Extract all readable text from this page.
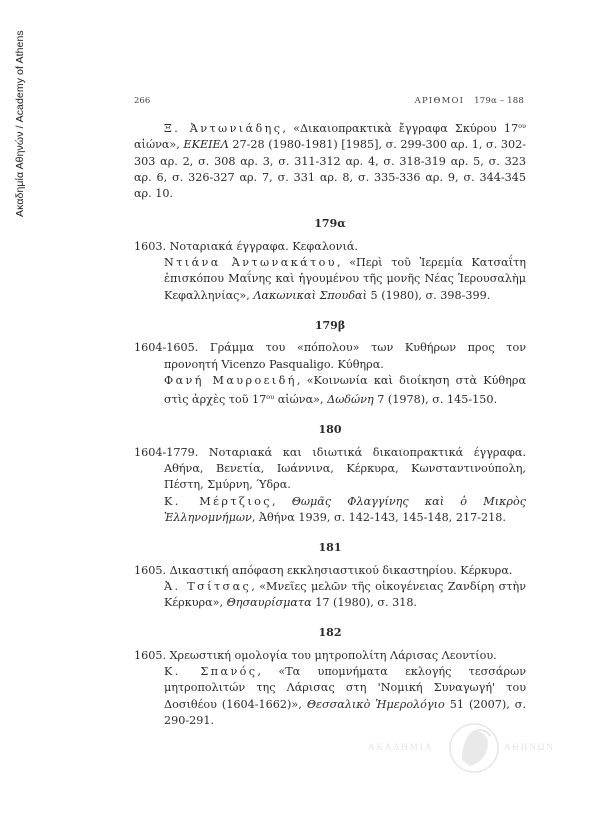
Ακαδημία Αθηνών / Academy of Athens	266	ΑΡΙΘΜΟΙ 179α – 188

Ξ. Ἀντωνιάδης, «Δικαιοπρακτικὰ ἔγγραφα Σκύρου $17^{o\upsilon}$ αἰώνα», ΕΚΕΙΕΛ 27-28 (1980-1981) [1985], σ. 299-300 αρ. 1, σ. 302-303 αρ. 2, σ. 308 αρ. 3, σ. 311-312 αρ. 4, σ. 318-319 αρ. 5, σ. 323 αρ. 6, σ. 326-327 αρ. 7, σ. 331 αρ. 8, σ. 335-336 αρ. 9, σ. 344-345 αρ. 10.

179α

1603. Νοταριακά έγγραφα. Κεφαλονιά.

Ντιάνα Ἀντωνακάτου, «Περὶ τοῦ Ἱερεμία Κατσαΐτη ἐπισκόπου Μαΐνης καὶ ἡγουμένου τῆς μονῆς Νέας Ἱερουσαλὴμ Κεφαλληνίας», Λακωνικαὶ Σπουδαὶ 5 (1980), σ. 398-399.

179β

1604-1605. Γράμμα του «πόπολου» των Κυθήρων προς τον προνοητή Vicenzo Pasqualigo. Κύθηρα.

Φανή Μαυροειδή, «Κοινωνία καὶ διοίκηση στὰ Κύθηρα στὶς ἀρχὲς τοῦ $17^{o\upsilon}$ αἰώνα», Δωδώνη 7 (1978), σ. 145-150.

180

1604-1779. Νοταριακά και ιδιωτικά δικαιοπρακτικά έγγραφα. Αθήνα, Βενετία, Ιωάννινα, Κέρκυρα, Κωνσταντινούπολη, Πέστη, Σμύρνη, Ύδρα.

Κ. Μέρτζιος, Θωμᾶς Φλαγγίνης καὶ ὁ Μικρὸς Ἑλληνομνήμων, Ἀθήνα 1939, σ. 142-143, 145-148, 217-218.

181

1605. Δικαστική απόφαση εκκλησιαστικού δικαστηρίου. Κέρκυρα.

Ἀ. Τσίτσας, «Μνεῖες μελῶν τῆς οἰκογένειας Ζανδίρη στὴν Κέρκυρα», Θησαυρίσματα 17 (1980), σ. 318.

182

1605. Χρεωστική ομολογία του μητροπολίτη Λάρισας Λεοντίου.

Κ. Σπανός, «Τα υπομνήματα εκλογής τεσσάρων μητροπολιτών της Λάρισας στη 'Νομική Συναγωγή' του Δοσιθέου (1604-1662)», Θεσσαλικὸ Ἡμερολόγιο 51 (2007), σ. 290-291.

ΑΚΑΔΗΜΙΑ	ΑΘΗΝΩΝ
